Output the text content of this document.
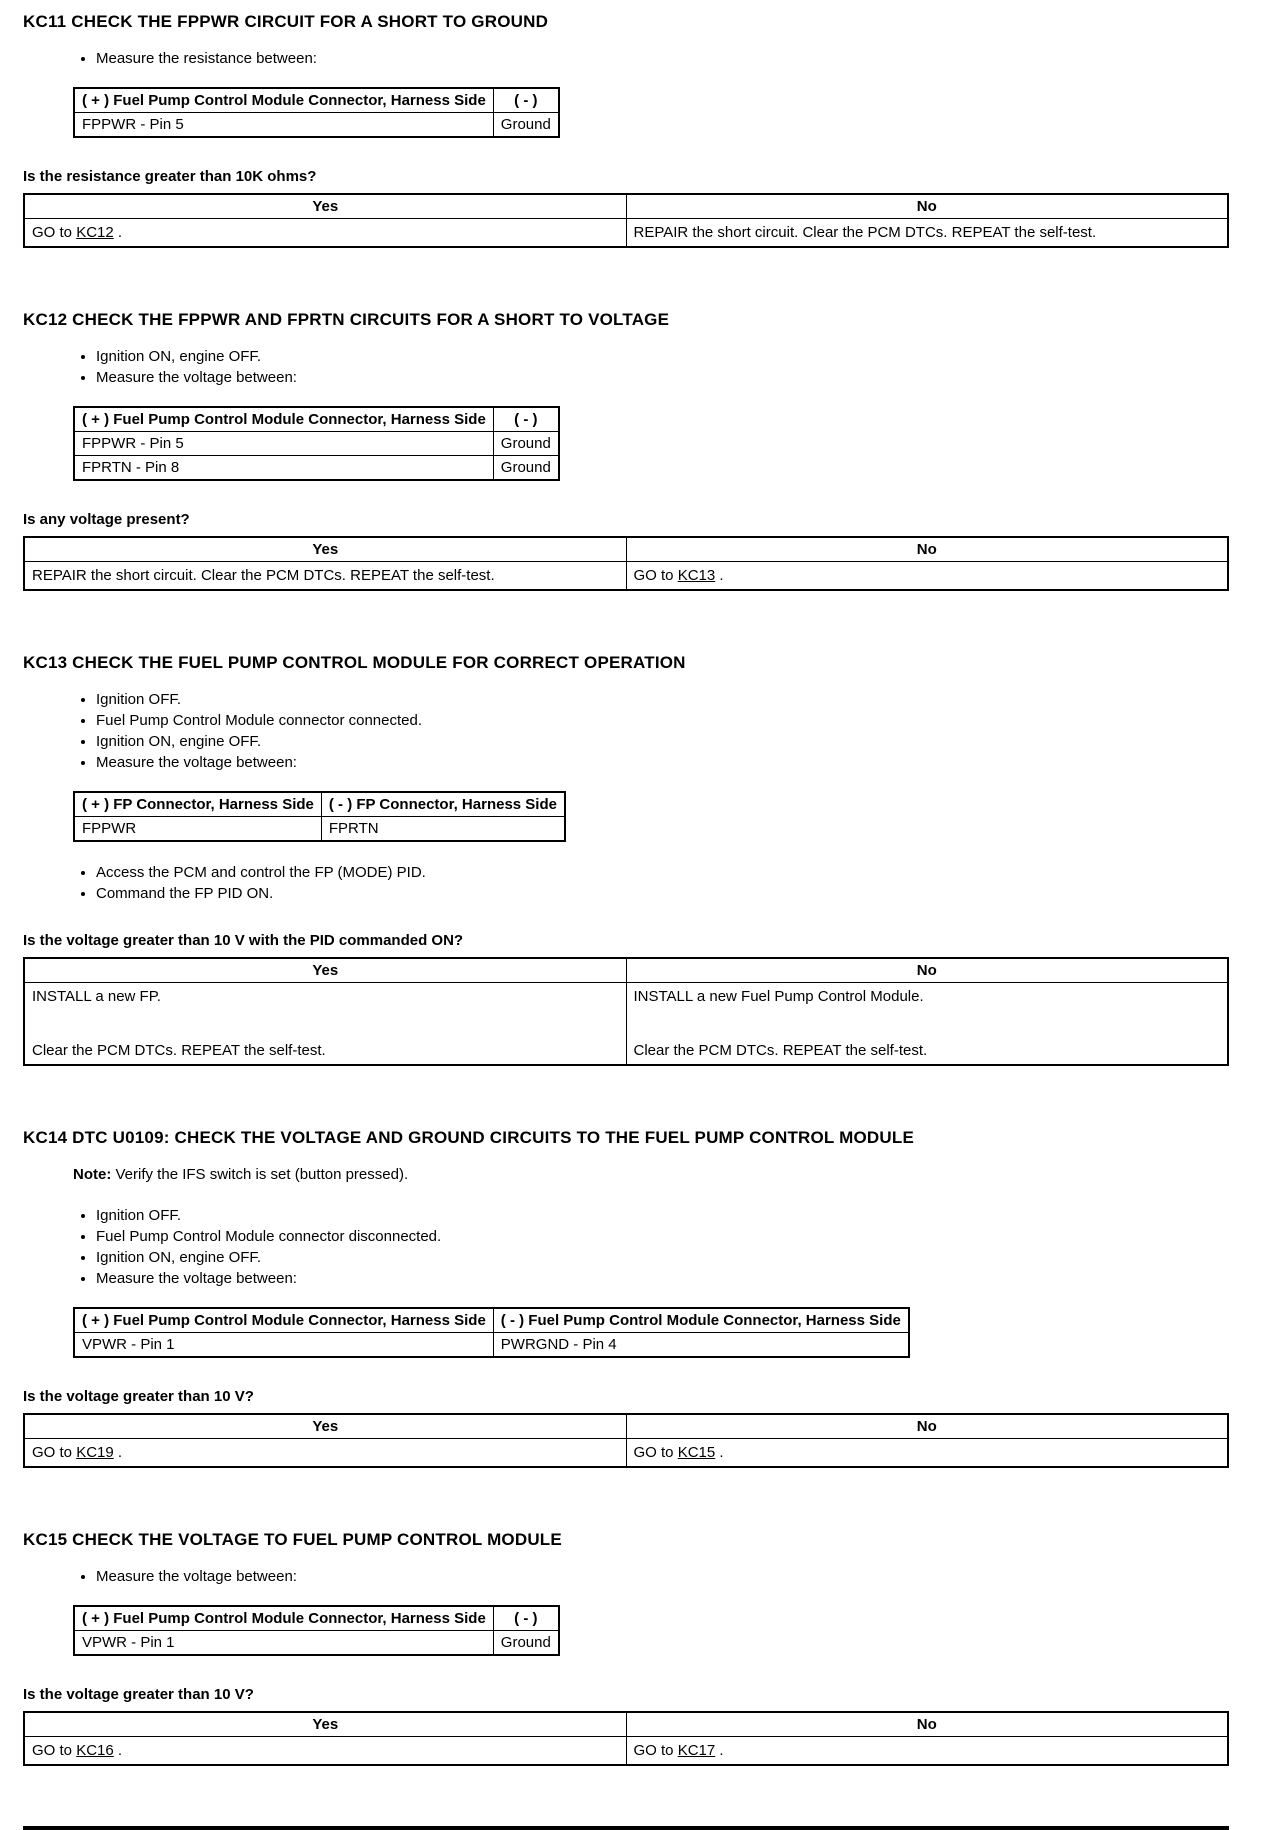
KC11 CHECK THE FPPWR CIRCUIT FOR A SHORT TO GROUND
• Measure the resistance between:
( + ) Fuel Pump Control Module Connector, Harness Side	( - )
FPPWR - Pin 5	Ground

Is the resistance greater than 10K ohms?

Yes	No
GO to KC12 .	REPAIR the short circuit. Clear the PCM DTCs. REPEAT the self-test.
KC12 CHECK THE FPPWR AND FPRTN CIRCUITS FOR A SHORT TO VOLTAGE
• Ignition ON, engine OFF.
• Measure the voltage between:
( + ) Fuel Pump Control Module Connector, Harness Side	( - )
FPPWR - Pin 5	Ground
FPRTN - Pin 8	Ground

Is any voltage present?

Yes	No
REPAIR the short circuit. Clear the PCM DTCs. REPEAT the self-test.	GO to KC13 .
KC13 CHECK THE FUEL PUMP CONTROL MODULE FOR CORRECT OPERATION
• Ignition OFF.
• Fuel Pump Control Module connector connected.
• Ignition ON, engine OFF.
• Measure the voltage between:
( + ) FP Connector, Harness Side	( - ) FP Connector, Harness Side
FPPWR	FPRTN
• Access the PCM and control the FP (MODE) PID.
• Command the FP PID ON.

Is the voltage greater than 10 V with the PID commanded ON?

Yes	No

INSTALL a new FP.
Clear the PCM DTCs. REPEAT the self-test.

INSTALL a new Fuel Pump Control Module.
Clear the PCM DTCs. REPEAT the self-test.
KC14 DTC U0109: CHECK THE VOLTAGE AND GROUND CIRCUITS TO THE FUEL PUMP CONTROL MODULE

Note: Verify the IFS switch is set (button pressed).

• Ignition OFF.
• Fuel Pump Control Module connector disconnected.
• Ignition ON, engine OFF.
• Measure the voltage between:
( + ) Fuel Pump Control Module Connector, Harness Side	( - ) Fuel Pump Control Module Connector, Harness Side
VPWR - Pin 1	PWRGND - Pin 4

Is the voltage greater than 10 V?

Yes	No
GO to KC19 .	GO to KC15 .
KC15 CHECK THE VOLTAGE TO FUEL PUMP CONTROL MODULE
• Measure the voltage between:
( + ) Fuel Pump Control Module Connector, Harness Side	( - )
VPWR - Pin 1	Ground

Is the voltage greater than 10 V?

Yes	No
GO to KC16 .	GO to KC17 .
